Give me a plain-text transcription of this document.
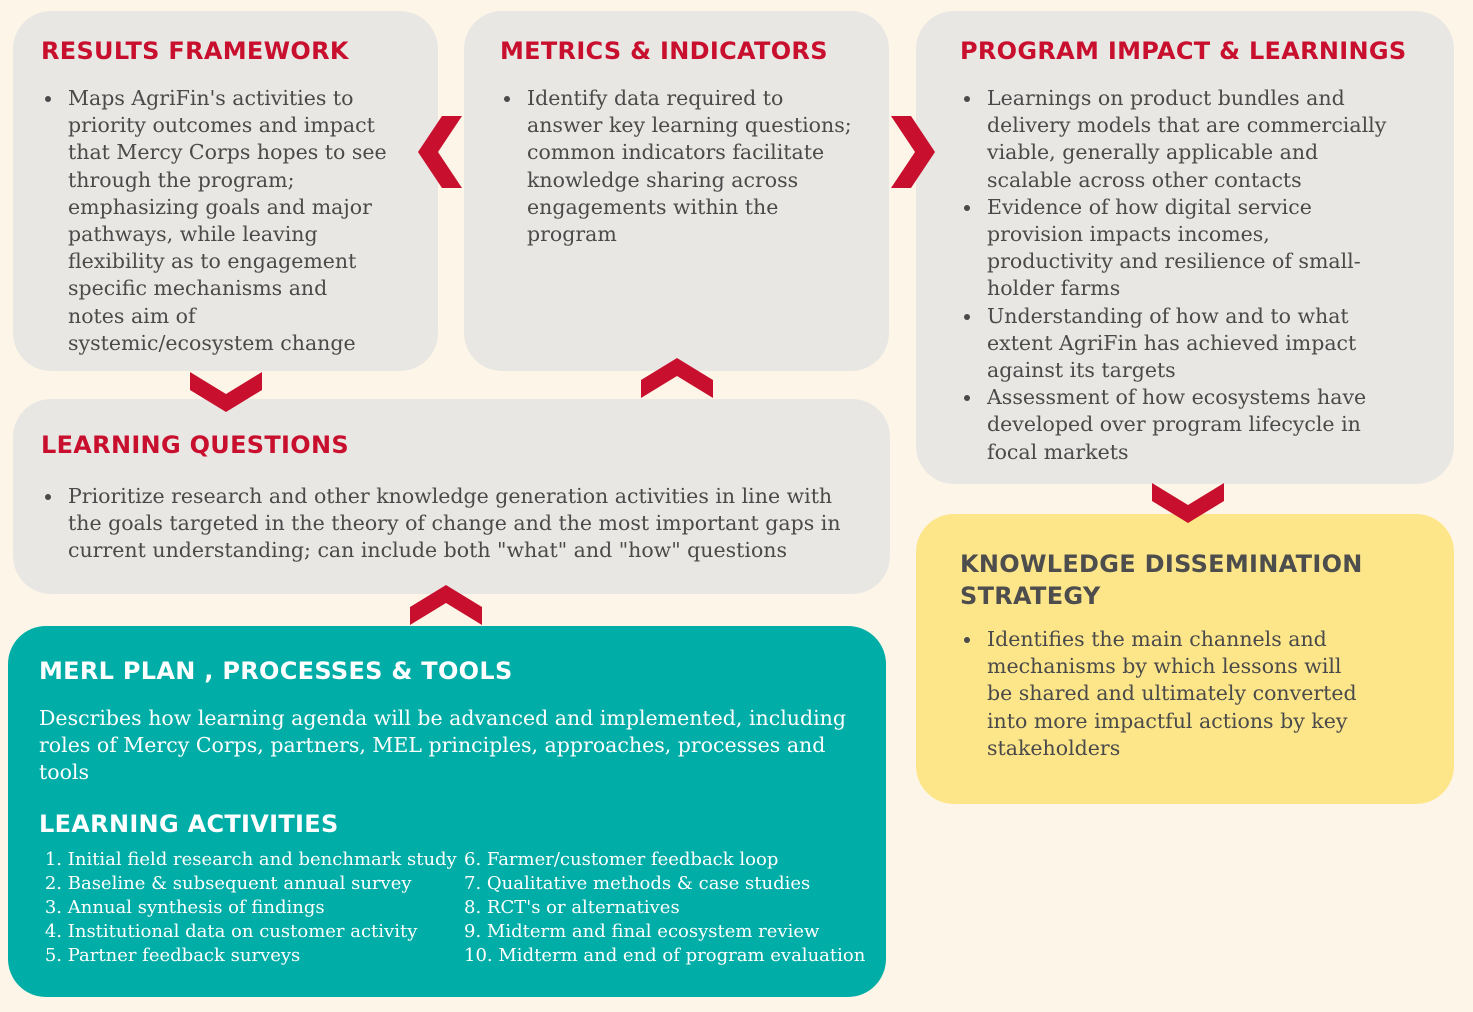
RESULTS FRAMEWORK
Maps AgriFin's activities to priority outcomes and impact that Mercy Corps hopes to see through the program; emphasizing goals and major pathways, while leaving flexibility as to engagement specific mechanisms and notes aim of systemic/ecosystem change
METRICS & INDICATORS
Identify data required to answer key learning questions; common indicators facilitate knowledge sharing across engagements within the program
PROGRAM IMPACT & LEARNINGS
Learnings on product bundles and delivery models that are commercially viable, generally applicable and scalable across other contacts
Evidence of how digital service provision impacts incomes, productivity and resilience of small-holder farms
Understanding of how and to what extent AgriFin has achieved impact against its targets
Assessment of how ecosystems have developed over program lifecycle in focal markets
LEARNING QUESTIONS
Prioritize research and other knowledge generation activities in line with the goals targeted in the theory of change and the most important gaps in current understanding; can include both "what" and "how" questions	KNOWLEDGE DISSEMINATION
STRATEGY
Identifies the main channels and mechanisms by which lessons will be shared and ultimately converted into more impactful actions by key stakeholders
MERL PLAN , PROCESSES & TOOLS

Describes how learning agenda will be advanced and implemented, including roles of Mercy Corps, partners, MEL principles, approaches, processes and tools

LEARNING ACTIVITIES
1. Initial field research and benchmark study
2. Baseline & subsequent annual survey
3. Annual synthesis of findings
4. Institutional data on customer activity
5. Partner feedback surveys
6. Farmer/customer feedback loop
7. Qualitative methods & case studies
8. RCT's or alternatives
9. Midterm and final ecosystem review
10. Midterm and end of program evaluation
